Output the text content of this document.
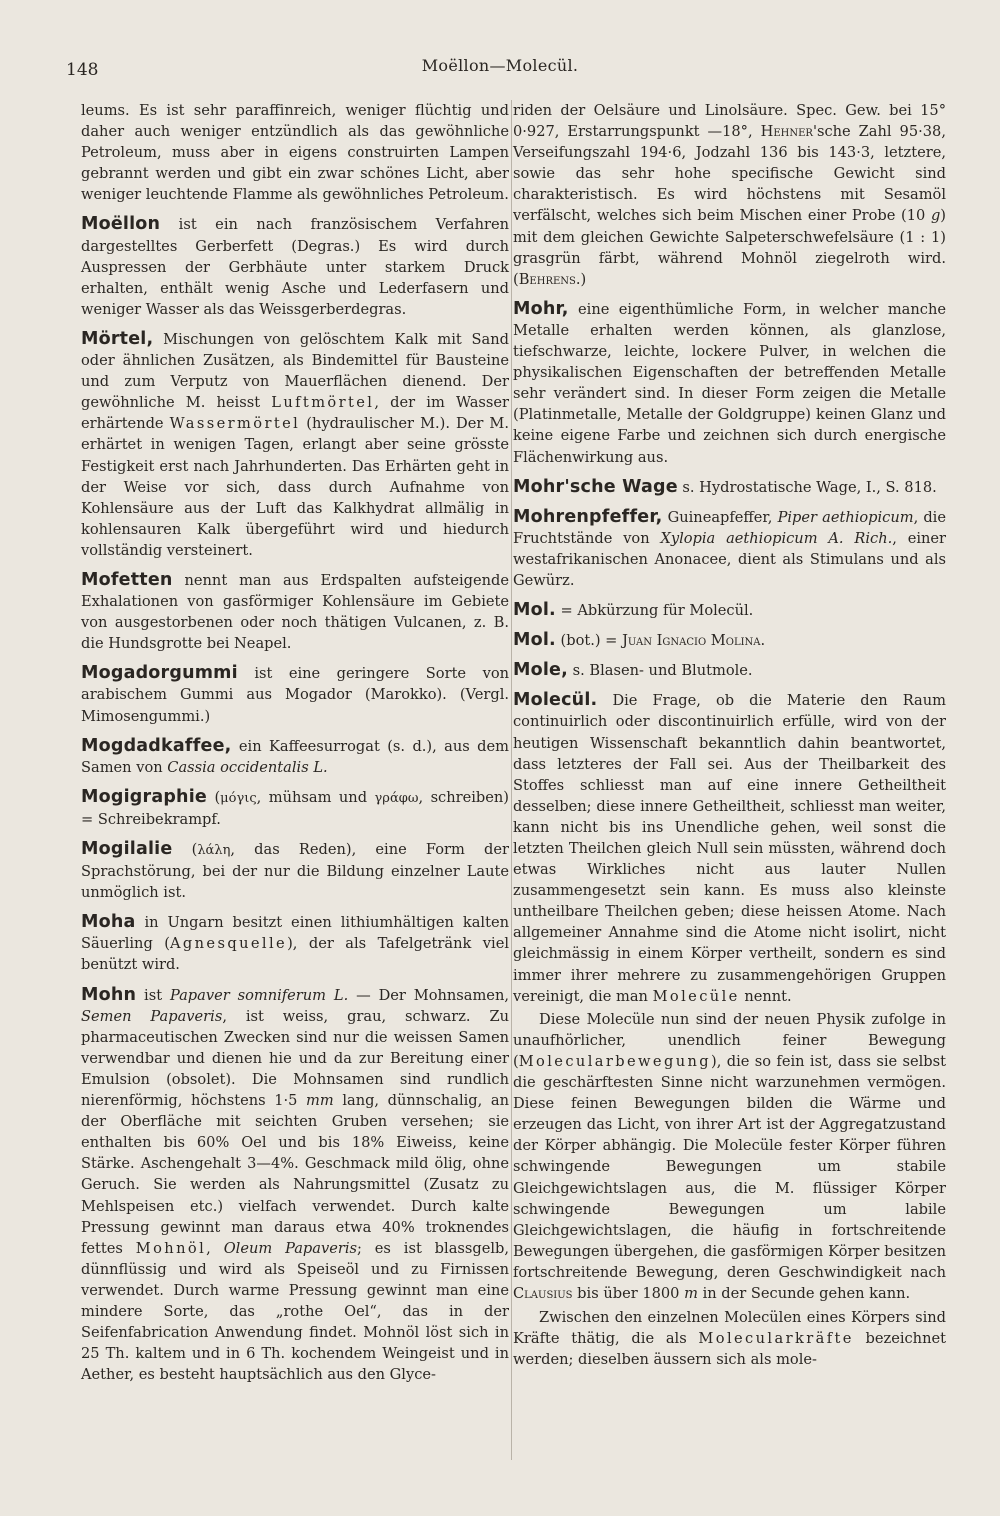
148	Moëllon—Molecül.

leums. Es ist sehr paraffinreich, weniger flüchtig und daher auch weniger entzündlich als das gewöhnliche Petroleum, muss aber in eigens construirten Lampen gebrannt werden und gibt ein zwar schönes Licht, aber weniger leuchtende Flamme als gewöhnliches Petroleum.

Moëllon ist ein nach französischem Verfahren dargestelltes Gerberfett (Degras.) Es wird durch Auspressen der Gerbhäute unter starkem Druck erhalten, enthält wenig Asche und Lederfasern und weniger Wasser als das Weissgerberdegras.

Mörtel, Mischungen von gelöschtem Kalk mit Sand oder ähnlichen Zusätzen, als Bindemittel für Bausteine und zum Verputz von Mauerflächen dienend. Der gewöhnliche M. heisst Luftmörtel, der im Wasser erhärtende Wassermörtel (hydraulischer M.). Der M. erhärtet in wenigen Tagen, erlangt aber seine grösste Festigkeit erst nach Jahrhunderten. Das Erhärten geht in der Weise vor sich, dass durch Aufnahme von Kohlensäure aus der Luft das Kalkhydrat allmälig in kohlensauren Kalk übergeführt wird und hiedurch vollständig versteinert.

Mofetten nennt man aus Erdspalten aufsteigende Exhalationen von gasförmiger Kohlensäure im Gebiete von ausgestorbenen oder noch thätigen Vulcanen, z. B. die Hundsgrotte bei Neapel.

Mogadorgummi ist eine geringere Sorte von arabischem Gummi aus Mogador (Marokko). (Vergl. Mimosengummi.)

Mogdadkaffee, ein Kaffeesurrogat (s. d.), aus dem Samen von Cassia occidentalis L.

Mogigraphie (μόγις, mühsam und γράφω, schreiben) = Schreibekrampf.

Mogilalie (λάλη, das Reden), eine Form der Sprachstörung, bei der nur die Bildung einzelner Laute unmöglich ist.

Moha in Ungarn besitzt einen lithiumhältigen kalten Säuerling (Agnesquelle), der als Tafelgetränk viel benützt wird.

Mohn ist Papaver somniferum L. — Der Mohnsamen, Semen Papaveris, ist weiss, grau, schwarz. Zu pharmaceutischen Zwecken sind nur die weissen Samen verwendbar und dienen hie und da zur Bereitung einer Emulsion (obsolet). Die Mohnsamen sind rundlich nierenförmig, höchstens 1·5 mm lang, dünnschalig, an der Oberfläche mit seichten Gruben versehen; sie enthalten bis 60% Oel und bis 18% Eiweiss, keine Stärke. Aschengehalt 3—4%. Geschmack mild ölig, ohne Geruch. Sie werden als Nahrungsmittel (Zusatz zu Mehlspeisen etc.) vielfach verwendet. Durch kalte Pressung gewinnt man daraus etwa 40% troknendes fettes Mohnöl, Oleum Papaveris; es ist blassgelb, dünnflüssig und wird als Speiseöl und zu Firnissen verwendet. Durch warme Pressung gewinnt man eine mindere Sorte, das „rothe Oel“, das in der Seifenfabrication Anwendung findet. Mohnöl löst sich in 25 Th. kaltem und in 6 Th. kochendem Weingeist und in Aether, es besteht hauptsächlich aus den Glyce-

riden der Oelsäure und Linolsäure. Spec. Gew. bei 15° 0·927, Erstarrungspunkt —18°, Hehner'sche Zahl 95·38, Verseifungszahl 194·6, Jodzahl 136 bis 143·3, letztere, sowie das sehr hohe specifische Gewicht sind charakteristisch. Es wird höchstens mit Sesamöl verfälscht, welches sich beim Mischen einer Probe (10 g) mit dem gleichen Gewichte Salpeterschwefelsäure (1 : 1) grasgrün färbt, während Mohnöl ziegelroth wird. (Behrens.)

Mohr, eine eigenthümliche Form, in welcher manche Metalle erhalten werden können, als glanzlose, tiefschwarze, leichte, lockere Pulver, in welchen die physikalischen Eigenschaften der betreffenden Metalle sehr verändert sind. In dieser Form zeigen die Metalle (Platinmetalle, Metalle der Goldgruppe) keinen Glanz und keine eigene Farbe und zeichnen sich durch energische Flächenwirkung aus.

Mohr'sche Wage s. Hydrostatische Wage, I., S. 818.

Mohrenpfeffer, Guineapfeffer, Piper aethiopicum, die Fruchtstände von Xylopia aethiopicum A. Rich., einer westafrikanischen Anonacee, dient als Stimulans und als Gewürz.

Mol. = Abkürzung für Molecül.

Mol. (bot.) = Juan Ignacio Molina.

Mole, s. Blasen- und Blutmole.

Molecül. Die Frage, ob die Materie den Raum continuirlich oder discontinuirlich erfülle, wird von der heutigen Wissenschaft bekanntlich dahin beantwortet, dass letzteres der Fall sei. Aus der Theilbarkeit des Stoffes schliesst man auf eine innere Getheiltheit desselben; diese innere Getheiltheit, schliesst man weiter, kann nicht bis ins Unendliche gehen, weil sonst die letzten Theilchen gleich Null sein müssten, während doch etwas Wirkliches nicht aus lauter Nullen zusammengesetzt sein kann. Es muss also kleinste untheilbare Theilchen geben; diese heissen Atome. Nach allgemeiner Annahme sind die Atome nicht isolirt, nicht gleichmässig in einem Körper vertheilt, sondern es sind immer ihrer mehrere zu zusammengehörigen Gruppen vereinigt, die man Molecüle nennt.

Diese Molecüle nun sind der neuen Physik zufolge in unaufhörlicher, unendlich feiner Bewegung (Molecularbewegung), die so fein ist, dass sie selbst die geschärftesten Sinne nicht warzunehmen vermögen. Diese feinen Bewegungen bilden die Wärme und erzeugen das Licht, von ihrer Art ist der Aggregatzustand der Körper abhängig. Die Molecüle fester Körper führen schwingende Bewegungen um stabile Gleichgewichtslagen aus, die M. flüssiger Körper schwingende Bewegungen um labile Gleichgewichtslagen, die häufig in fortschreitende Bewegungen übergehen, die gasförmigen Körper besitzen fortschreitende Bewegung, deren Geschwindigkeit nach Clausius bis über 1800 m in der Secunde gehen kann.

Zwischen den einzelnen Molecülen eines Körpers sind Kräfte thätig, die als Molecularkräfte bezeichnet werden; dieselben äussern sich als mole-
